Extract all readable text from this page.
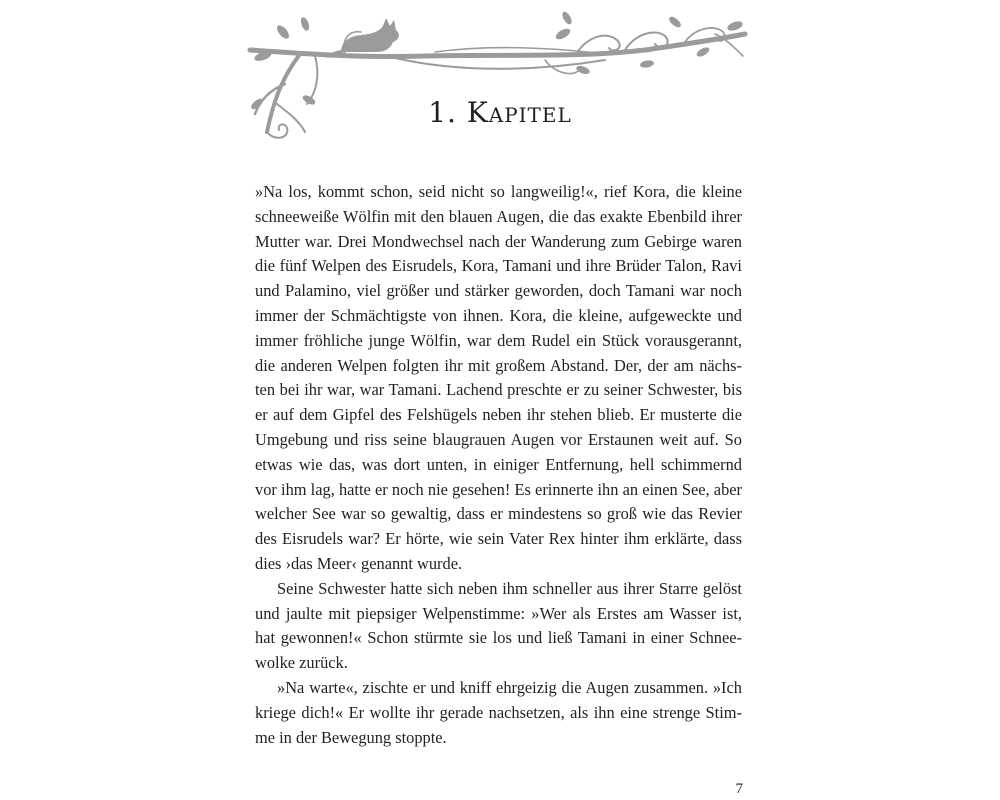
1. Kapitel
»Na los, kommt schon, seid nicht so langweilig!«, rief Kora, die kleine
schneeweiße Wölfin mit den blauen Augen, die das exakte Ebenbild ihrer
Mutter war. Drei Mondwechsel nach der Wanderung zum Gebirge waren
die fünf Welpen des Eisrudels, Kora, Tamani und ihre Brüder Talon, Ravi
und Palamino, viel größer und stärker geworden, doch Tamani war noch
immer der Schmächtigste von ihnen. Kora, die kleine, aufgeweckte und
immer fröhliche junge Wölfin, war dem Rudel ein Stück vorausgerannt,
die anderen Welpen folgten ihr mit großem Abstand. Der, der am nächs-
ten bei ihr war, war Tamani. Lachend preschte er zu seiner Schwester, bis
er auf dem Gipfel des Felshügels neben ihr stehen blieb. Er musterte die
Umgebung und riss seine blaugrauen Augen vor Erstaunen weit auf. So
etwas wie das, was dort unten, in einiger Entfernung, hell schimmernd
vor ihm lag, hatte er noch nie gesehen! Es erinnerte ihn an einen See, aber
welcher See war so gewaltig, dass er mindestens so groß wie das Revier
des Eisrudels war? Er hörte, wie sein Vater Rex hinter ihm erklärte, dass
dies ›das Meer‹ genannt wurde.
Seine Schwester hatte sich neben ihm schneller aus ihrer Starre gelöst
und jaulte mit piepsiger Welpenstimme: »Wer als Erstes am Wasser ist,
hat gewonnen!« Schon stürmte sie los und ließ Tamani in einer Schnee-
wolke zurück.
»Na warte«, zischte er und kniff ehrgeizig die Augen zusammen. »Ich
kriege dich!« Er wollte ihr gerade nachsetzen, als ihn eine strenge Stim-
me in der Bewegung stoppte.
7
